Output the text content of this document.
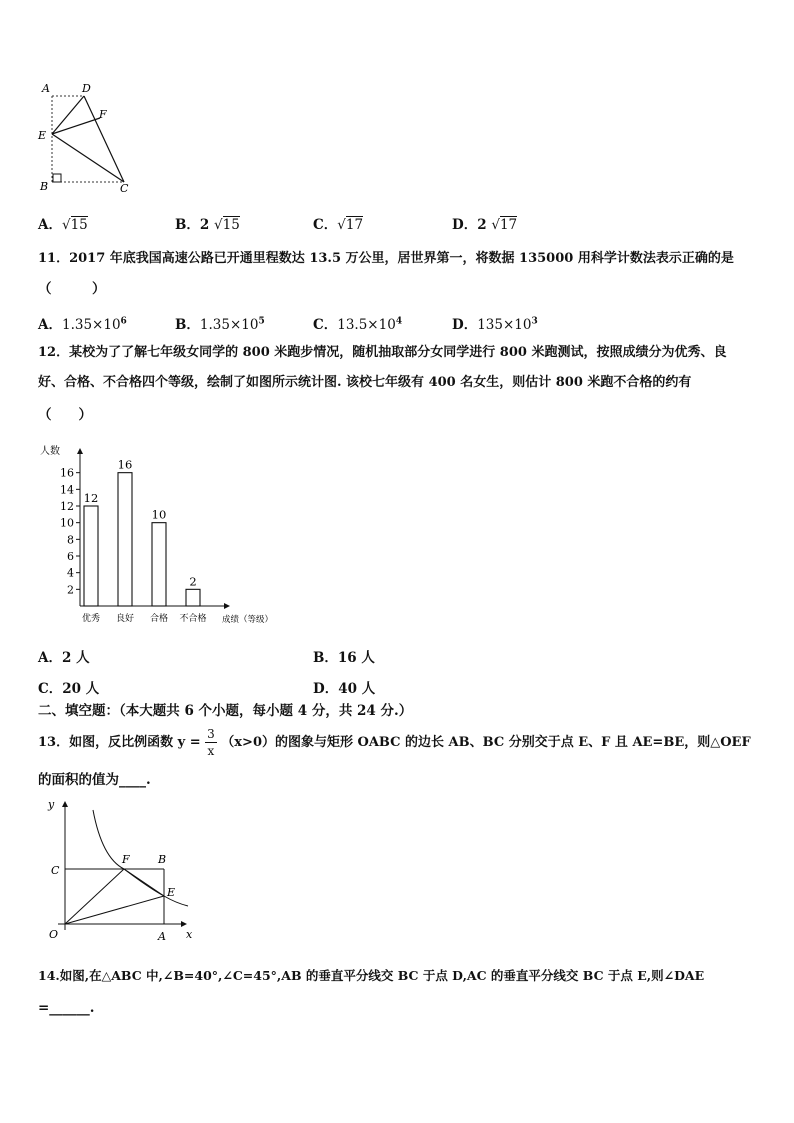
A	D
F
E
B	C
A．√15	B．2 √15	C．√17	D．2 √17
11．2017 年底我国高速公路已开通里程数达 13.5 万公里，居世界第一，将数据 135000 用科学计数法表示正确的是
（　　　）
A．$1.35\times 10^6$	B．$1.35\times 10^5$	C．$13.5\times 10^4$	D．$135\times 10^3$
12．某校为了了解七年级女同学的 800 米跑步情况，随机抽取部分女同学进行 800 米跑测试，按照成绩分为优秀、良
好、合格、不合格四个等级，绘制了如图所示统计图. 该校七年级有 400 名女生，则估计 800 米跑不合格的约有
（　　）
人数
成绩（等级）
2
4
6
8
10
12
14
16
12
优秀
16
良好
10
合格
2
不合格
A．2 人	B．16 人
C．20 人	D．40 人
二、填空题：（本大题共 6 个小题，每小题 4 分，共 24 分.）
13．如图，反比例函数 $y = \frac{3}{x} (x>0)$的图象与矩形 OABC 的边长 AB、BC 分别交于点 E、F 且 AE=BE，则△OEF
的面积的值为____.
y
C
F	B
E
O	A x
14.如图,在△ABC 中,∠B=40°,∠C=45°,AB 的垂直平分线交 BC 于点 D,AC 的垂直平分线交 BC 于点 E,则∠DAE
=______.
